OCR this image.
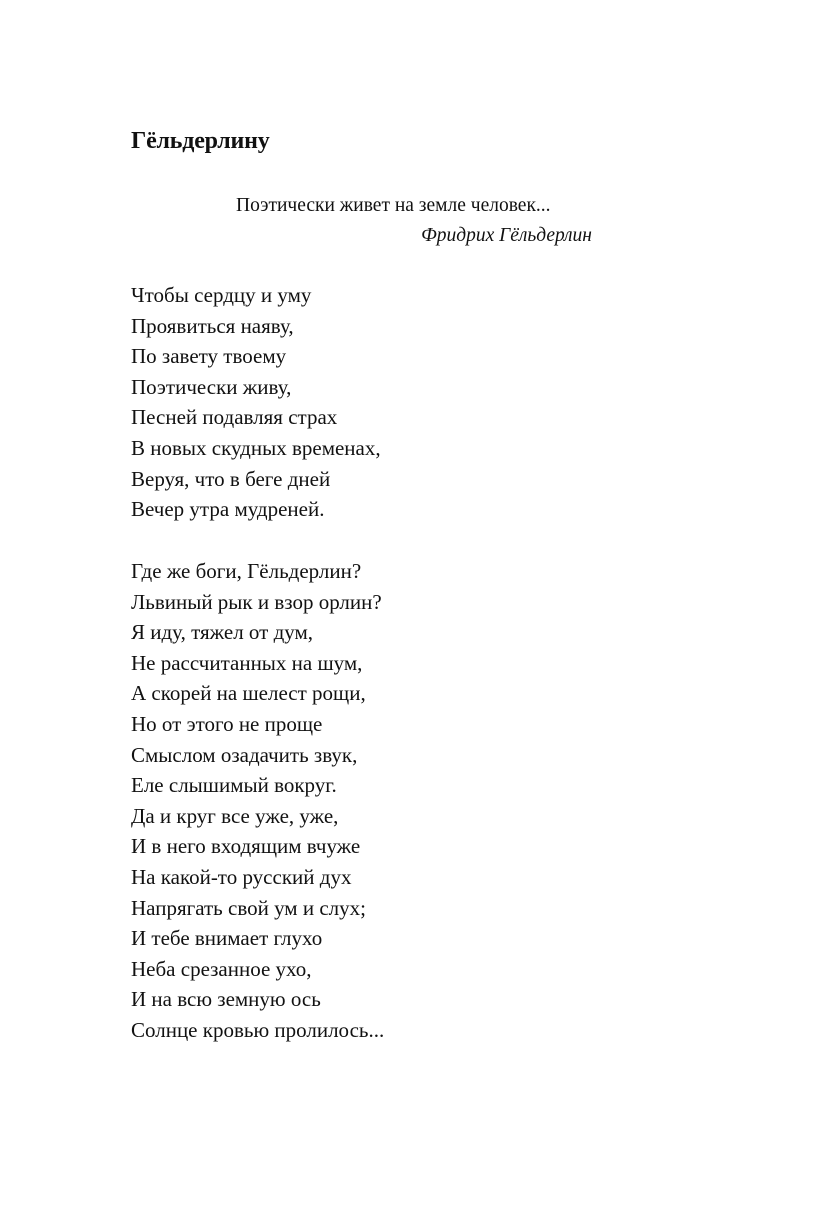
Гёльдерлину
Поэтически живет на земле человек...
Фридрих Гёльдерлин
Чтобы сердцу и уму
Проявиться наяву,
По завету твоему
Поэтически живу,
Песней подавляя страх
В новых скудных временах,
Веруя, что в беге дней
Вечер утра мудреней.
Где же боги, Гёльдерлин?
Львиный рык и взор орлин?
Я иду, тяжел от дум,
Не рассчитанных на шум,
А скорей на шелест рощи,
Но от этого не проще
Смыслом озадачить звук,
Еле слышимый вокруг.
Да и круг все уже, уже,
И в него входящим вчуже
На какой-то русский дух
Напрягать свой ум и слух;
И тебе внимает глухо
Неба срезанное ухо,
И на всю земную ось
Солнце кровью пролилось...
